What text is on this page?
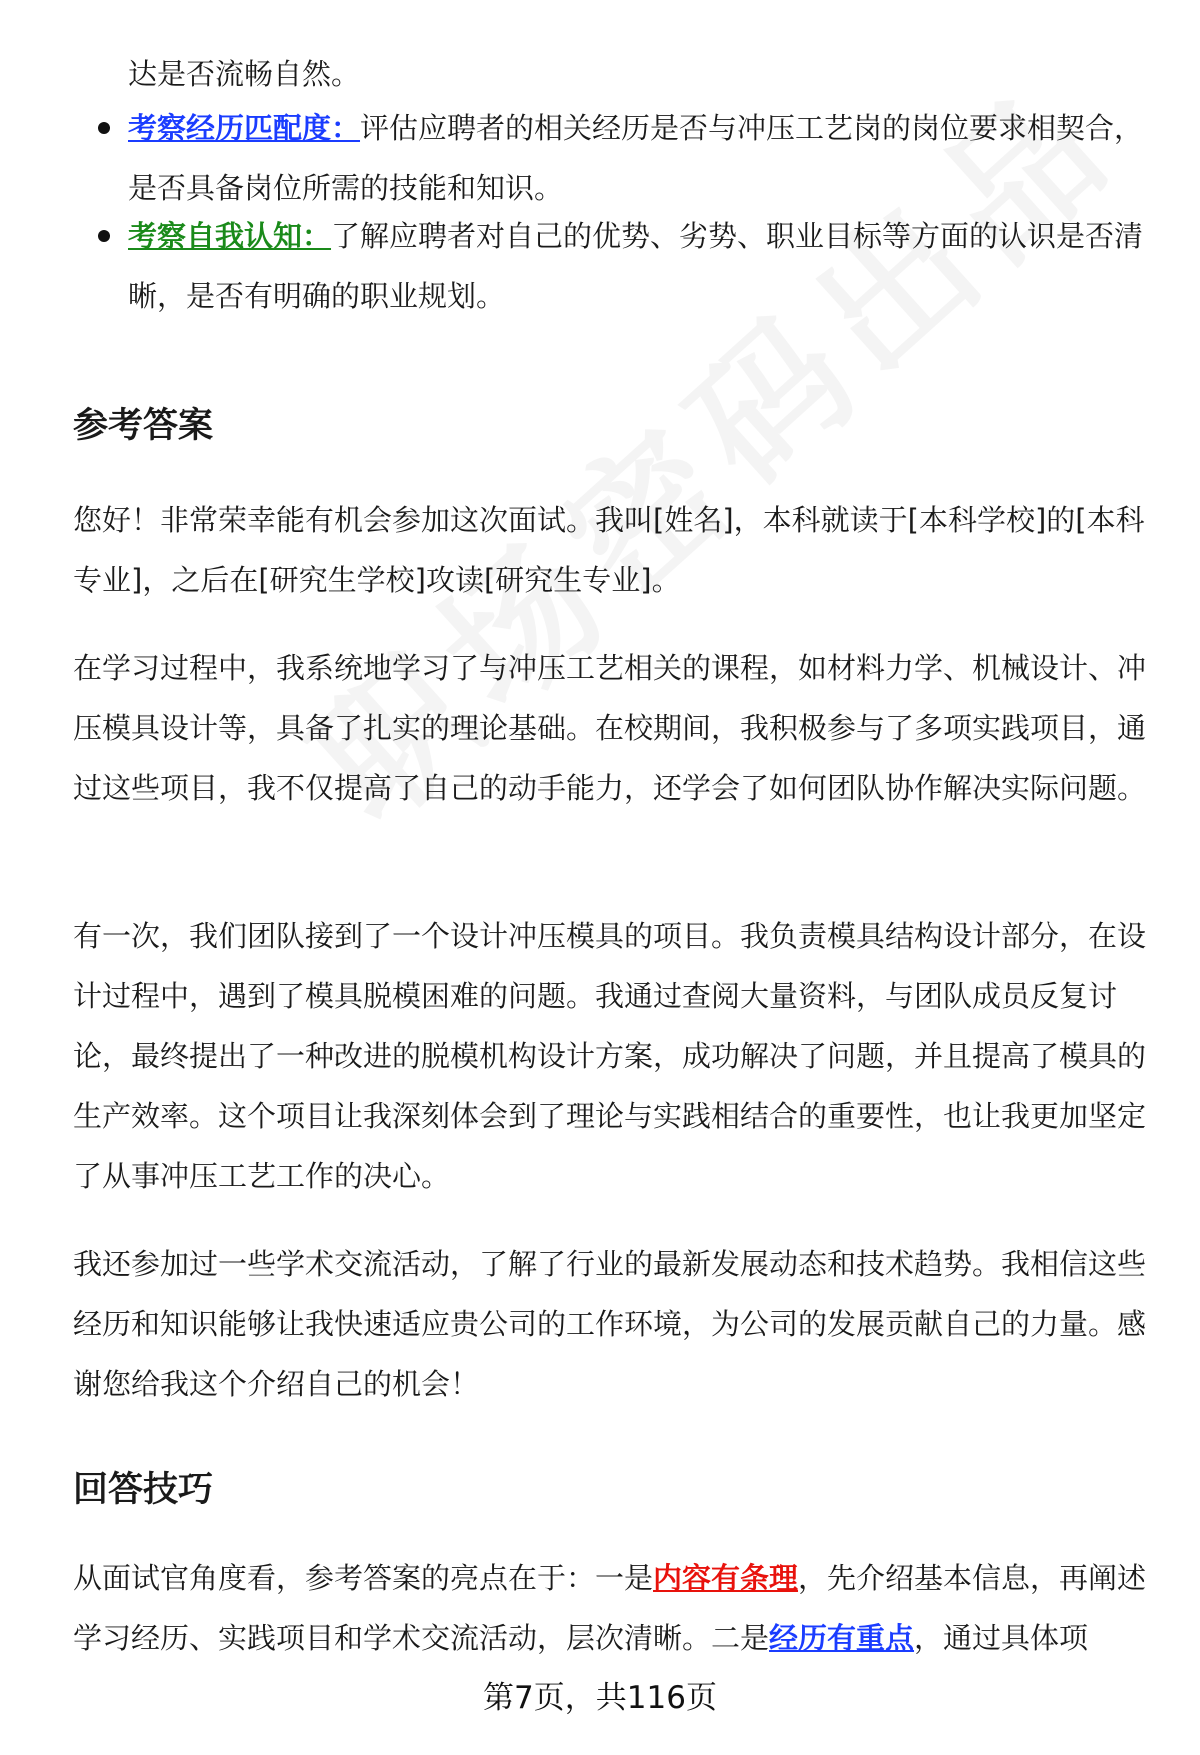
达是否流畅自然。

考察经历匹配度：评估应聘者的相关经历是否与冲压工艺岗的岗位要求相契合，是否具备岗位所需的技能和知识。

考察自我认知：了解应聘者对自己的优势、劣势、职业目标等方面的认识是否清晰，是否有明确的职业规划。

参考答案

您好！非常荣幸能有机会参加这次面试。我叫[姓名]，本科就读于[本科学校]的[本科专业]，之后在[研究生学校]攻读[研究生专业]。

在学习过程中，我系统地学习了与冲压工艺相关的课程，如材料力学、机械设计、冲压模具设计等，具备了扎实的理论基础。在校期间，我积极参与了多项实践项目，通过这些项目，我不仅提高了自己的动手能力，还学会了如何团队协作解决实际问题。

有一次，我们团队接到了一个设计冲压模具的项目。我负责模具结构设计部分，在设计过程中，遇到了模具脱模困难的问题。我通过查阅大量资料，与团队成员反复讨论，最终提出了一种改进的脱模机构设计方案，成功解决了问题，并且提高了模具的生产效率。这个项目让我深刻体会到了理论与实践相结合的重要性，也让我更加坚定了从事冲压工艺工作的决心。

我还参加过一些学术交流活动，了解了行业的最新发展动态和技术趋势。我相信这些经历和知识能够让我快速适应贵公司的工作环境，为公司的发展贡献自己的力量。感谢您给我这个介绍自己的机会！

回答技巧

从面试官角度看，参考答案的亮点在于：一是内容有条理，先介绍基本信息，再阐述学习经历、实践项目和学术交流活动，层次清晰。二是经历有重点，通过具体项

第7页，共116页
